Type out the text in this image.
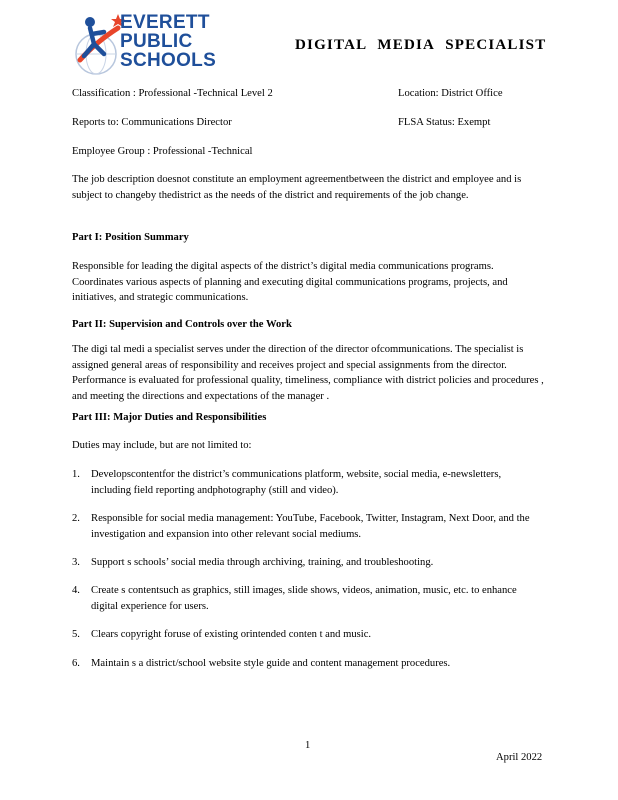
EVERETT
PUBLIC
SCHOOLS
DIGITAL MEDIA SPECIALIST
Classification : Professional -Technical Level 2	Location: District Office
Reports to: Communications Director	FLSA Status: Exempt
Employee Group : Professional -Technical
The job description doesnot constitute an employment agreementbetween the district and employee and is subject to changeby thedistrict as the needs of the district and requirements of the job change.
Part I: Position Summary
Responsible for leading the digital aspects of the district’s digital media communications programs. Coordinates various aspects of planning and executing digital communications programs, projects, and initiatives, and strategic communications.
Part II: Supervision and Controls over the Work
The digi tal medi a specialist serves under the direction of the director ofcommunications. The specialist is assigned general areas of responsibility and receives project and special assignments from the director. Performance is evaluated for professional quality, timeliness, compliance with district policies and procedures , and meeting the directions and expectations of the manager .
Part III: Major Duties and Responsibilities
Duties may include, but are not limited to:
1.	Developscontentfor the district’s communications platform, website, social media, e-newsletters, including field reporting andphotography (still and video).
2.	Responsible for social media management: YouTube, Facebook, Twitter, Instagram, Next Door, and the investigation and expansion into other relevant social mediums.
3.	Support s schools’ social media through archiving, training, and troubleshooting.
4.	Create s contentsuch as graphics, still images, slide shows, videos, animation, music, etc. to enhance digital experience for users.
5.	Clears copyright foruse of existing orintended conten t and music.
6.	Maintain s a district/school website style guide and content management procedures.
1
April 2022
